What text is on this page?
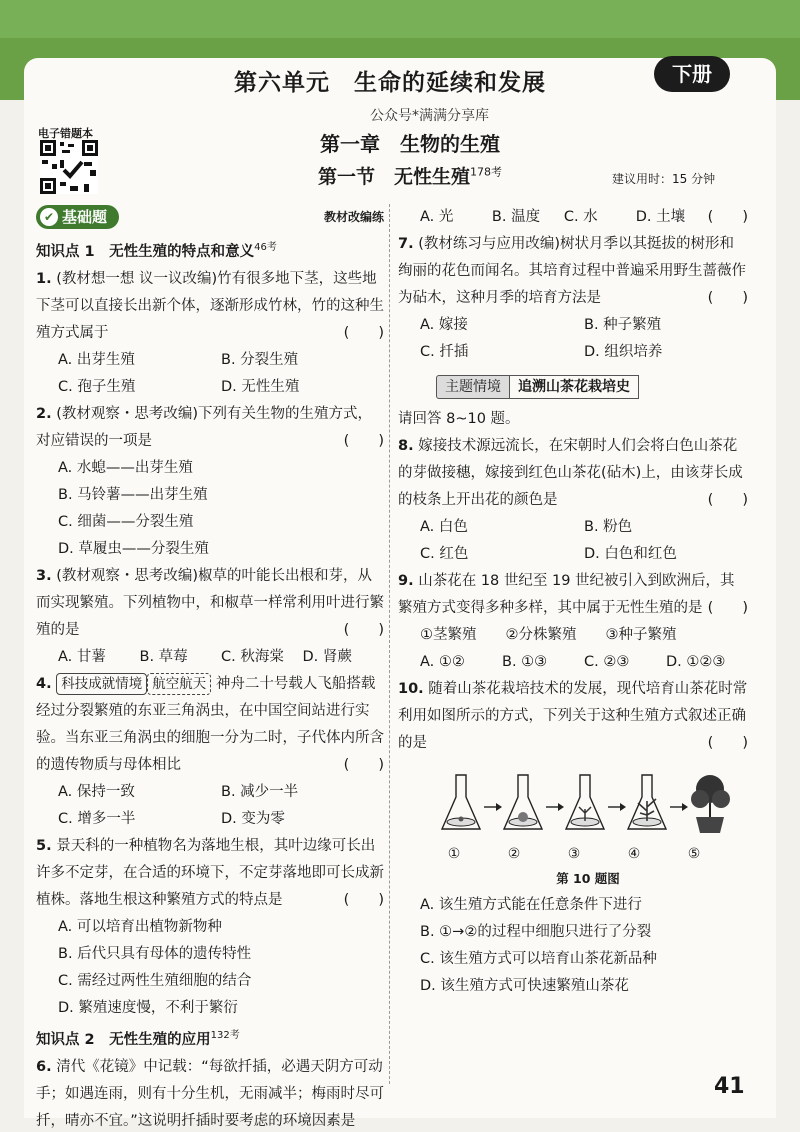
第六单元　生命的延续和发展	下册
公众号*满满分享库
电子错题本	第一章　生物的生殖
第一节　无性生殖$^{178考}$	建议用时：15 分钟
✔ 基础题	教材改编练
知识点 1　无性生殖的特点和意义$^{46考}$

1. (教材想一想 议一议改编)竹有很多地下茎，这些地下茎可以直接长出新个体，逐渐形成竹林，竹的这种生殖方式属于	(　　)

A. 出芽生殖	B. 分裂生殖
C. 孢子生殖	D. 无性生殖

2. (教材观察・思考改编)下列有关生物的生殖方式，对应错误的一项是	(　　)

A. 水螅——出芽生殖
B. 马铃薯——出芽生殖
C. 细菌——分裂生殖
D. 草履虫——分裂生殖

3. (教材观察・思考改编)椒草的叶能长出根和芽，从而实现繁殖。下列植物中，和椒草一样常利用叶进行繁殖的是	(　　)

A. 甘薯	B. 草莓	C. 秋海棠	D. 肾蕨

4. 科技成就情境 航空航天 神舟二十号载人飞船搭载经过分裂繁殖的东亚三角涡虫，在中国空间站进行实验。当东亚三角涡虫的细胞一分为二时，子代体内所含的遗传物质与母体相比	(　　)

A. 保持一致	B. 减少一半
C. 增多一半	D. 变为零

5. 景天科的一种植物名为落地生根，其叶边缘可长出许多不定芽，在合适的环境下，不定芽落地即可长成新植株。落地生根这种繁殖方式的特点是	(　　)

A. 可以培育出植物新物种
B. 后代只具有母体的遗传特性
C. 需经过两性生殖细胞的结合
D. 繁殖速度慢，不利于繁衍
知识点 2　无性生殖的应用$^{132考}$

6. 清代《花镜》中记载：“每欲扦插，必遇天阴方可动手；如遇连雨，则有十分生机，无雨减半；梅雨时尽可扦，晴亦不宜。”这说明扦插时要考虑的环境因素是

(　　)

A. 光	B. 温度	C. 水	D. 土壤

7. (教材练习与应用改编)树状月季以其挺拔的树形和绚丽的花色而闻名。其培育过程中普遍采用野生蔷薇作为砧木，这种月季的培育方法是	(　　)

A. 嫁接	B. 种子繁殖
C. 扦插	D. 组织培养
主题情境	追溯山茶花栽培史
请回答 8~10 题。

8. 嫁接技术源远流长，在宋朝时人们会将白色山茶花的芽做接穗，嫁接到红色山茶花(砧木)上，由该芽长成的枝条上开出花的颜色是	(　　)

A. 白色	B. 粉色
C. 红色	D. 白色和红色

9. 山茶花在 18 世纪至 19 世纪被引入到欧洲后，其繁殖方式变得多种多样，其中属于无性生殖的是 (　　)

①茎繁殖　　②分株繁殖　　③种子繁殖
A. ①②	B. ①③	C. ②③	D. ①②③

10. 随着山茶花栽培技术的发展，现代培育山茶花时常利用如图所示的方式，下列关于这种生殖方式叙述正确的是	(　　)

①	②	③	④	⑤
第 10 题图
A. 该生殖方式能在任意条件下进行
B. ①→②的过程中细胞只进行了分裂
C. 该生殖方式可以培育山茶花新品种
D. 该生殖方式可快速繁殖山茶花
41
